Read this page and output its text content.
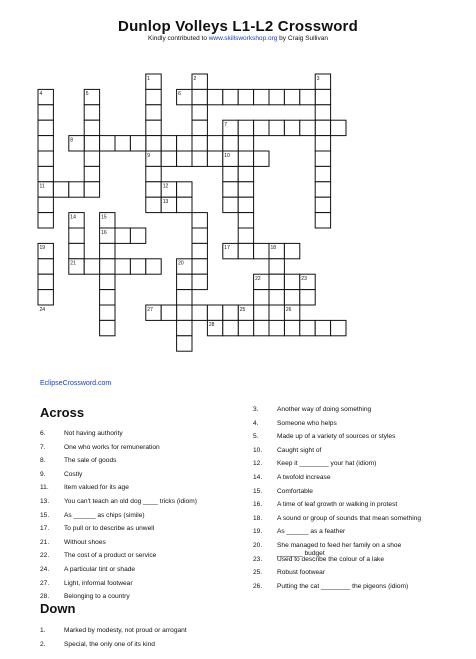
Dunlop Volleys L1-L2 Crossword
Kindly contributed to www.skillsworkshop.org by Craig Sullivan
1	2	3
4	5	6
7
8
9	10
11	12
13
14	15
16
17	18
19
20
21
22	23
24	25	26
27
28
EclipseCrossword.com
Across
6.	Not having authority
7.	One who works for remuneration
8.	The sale of goods
9.	Costly
11. Item valued for its age
13. You can't teach an old dog ____ tricks (idiom)
15. As ______ as chips (simile)
17. To pull or to describe as unwell
21. Without shoes
22. The cost of a product or service
24. A particular tint or shade
27. Light, informal footwear
28. Belonging to a country
Down
1.	Marked by modesty, not proud or arrogant
2.	Special, the only one of its kind
3.	Another way of doing something
4.	Someone who helps
5.	Made up of a variety of sources or styles
10. Caught sight of
12. Keep it ________ your hat (idiom)
14. A twofold increase
15. Comfortable
16. A time of leaf growth or walking in protest
18. A sound or group of sounds that mean something
19. As ______ as a feather
20. She managed to feed her family on a shoe
_______ budget
23. Used to describe the colour of a lake
25. Robust footwear
26. Putting the cat ________ the pigeons (idiom)
